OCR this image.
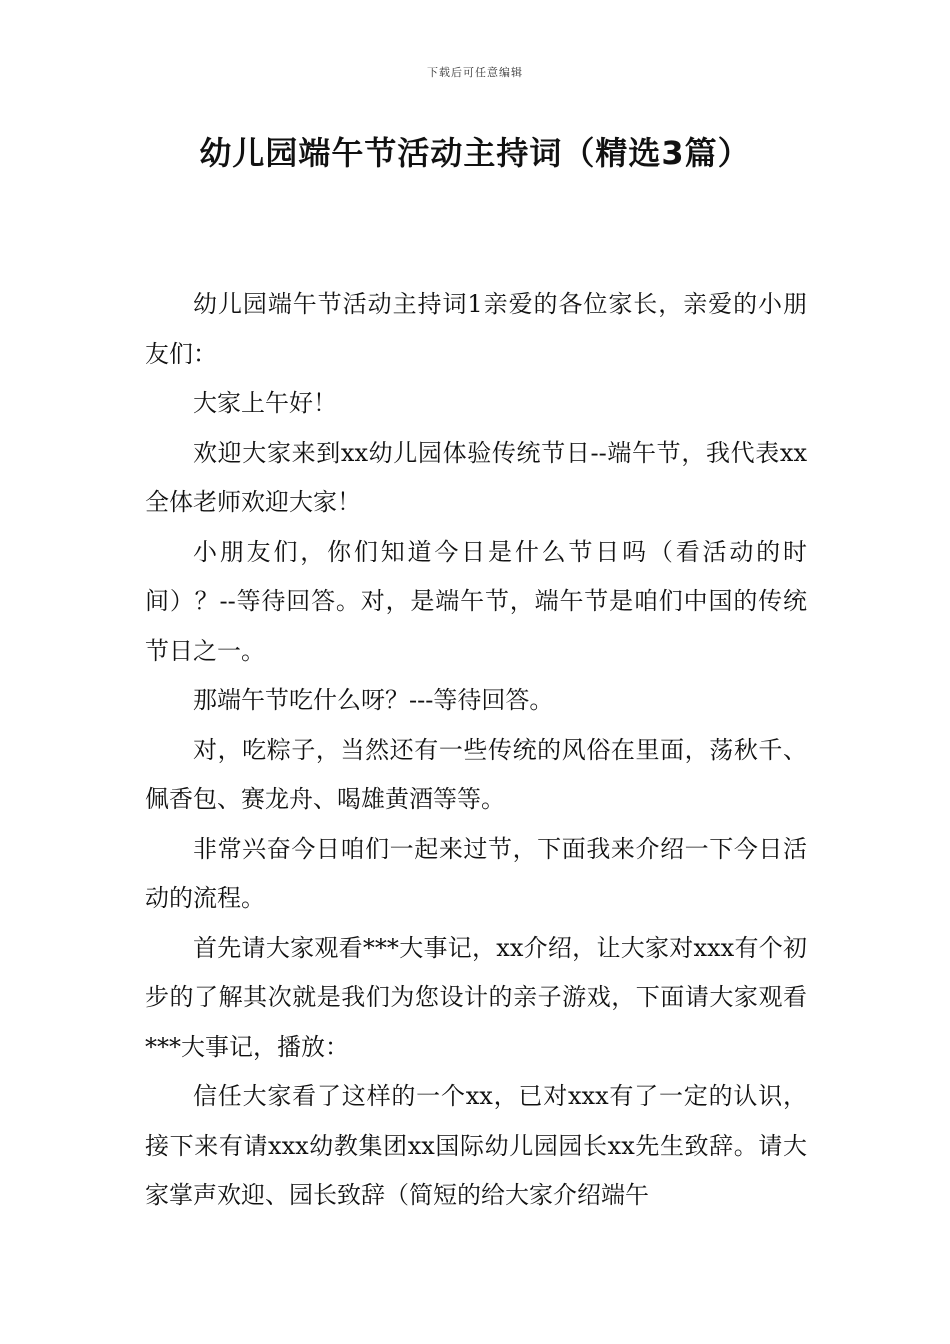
下载后可任意编辑
幼儿园端午节活动主持词（精选3篇）

幼儿园端午节活动主持词1亲爱的各位家长，亲爱的小朋友们：

大家上午好！

欢迎大家来到xx幼儿园体验传统节日--端午节，我代表xx全体老师欢迎大家！

小朋友们，你们知道今日是什么节日吗（看活动的时间）？--等待回答。对，是端午节，端午节是咱们中国的传统节日之一。

那端午节吃什么呀？---等待回答。

对，吃粽子，当然还有一些传统的风俗在里面，荡秋千、佩香包、赛龙舟、喝雄黄酒等等。

非常兴奋今日咱们一起来过节，下面我来介绍一下今日活动的流程。

首先请大家观看***大事记，xx介绍，让大家对xxx有个初步的了解其次就是我们为您设计的亲子游戏，下面请大家观看***大事记，播放：

信任大家看了这样的一个xx，已对xxx有了一定的认识，接下来有请xxx幼教集团xx国际幼儿园园长xx先生致辞。请大家掌声欢迎、园长致辞（简短的给大家介绍端午
